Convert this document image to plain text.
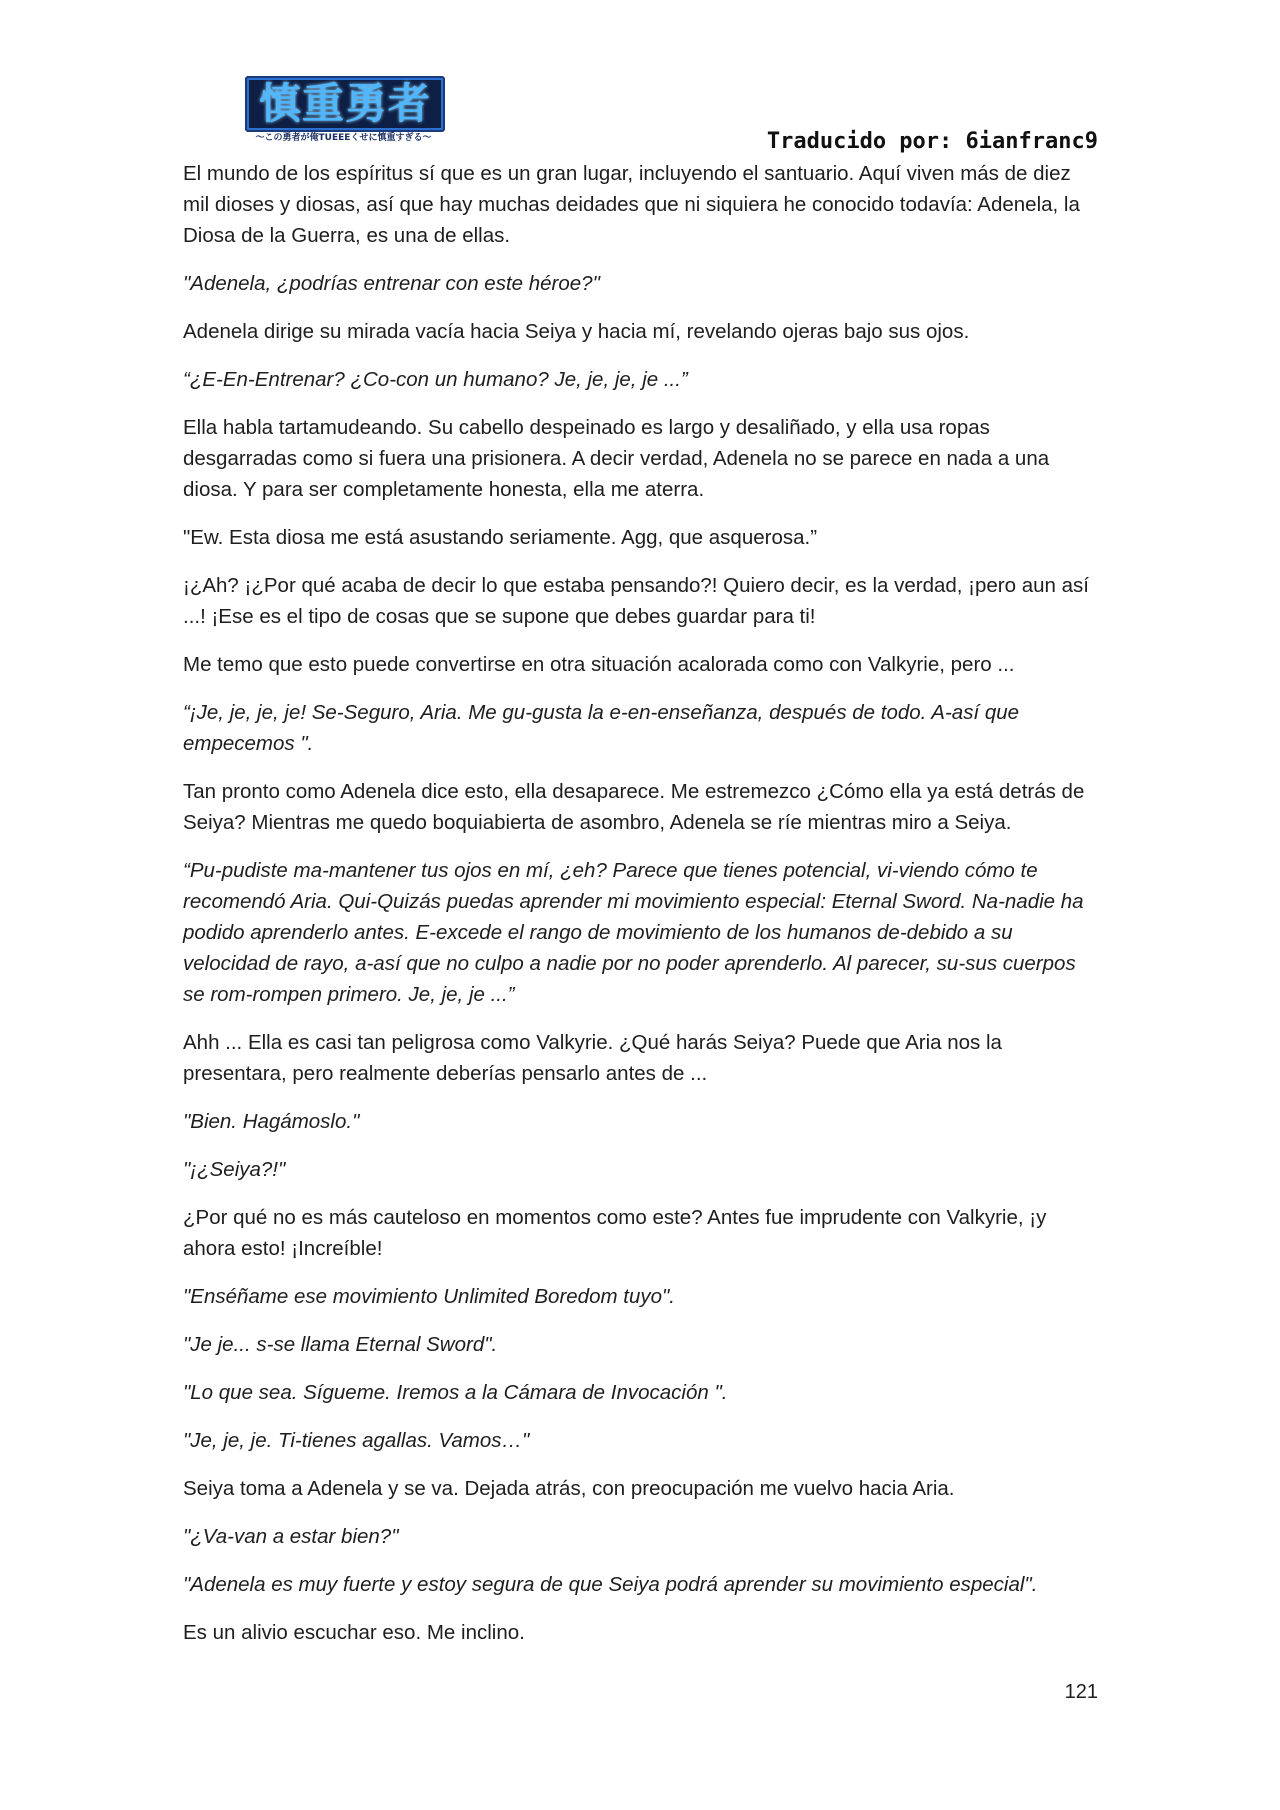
慎重勇者
〜この勇者が俺TUEEEくせに慎重すぎる〜	Traducido por: 6ianfranc9

El mundo de los espíritus sí que es un gran lugar, incluyendo el santuario. Aquí viven más de diez mil dioses y diosas, así que hay muchas deidades que ni siquiera he conocido todavía: Adenela, la Diosa de la Guerra, es una de ellas.

"Adenela, ¿podrías entrenar con este héroe?"

Adenela dirige su mirada vacía hacia Seiya y hacia mí, revelando ojeras bajo sus ojos.

“¿E-En-Entrenar? ¿Co-con un humano? Je, je, je, je ...”

Ella habla tartamudeando. Su cabello despeinado es largo y desaliñado, y ella usa ropas desgarradas como si fuera una prisionera. A decir verdad, Adenela no se parece en nada a una diosa. Y para ser completamente honesta, ella me aterra.

"Ew. Esta diosa me está asustando seriamente. Agg, que asquerosa.”

¡¿Ah? ¡¿Por qué acaba de decir lo que estaba pensando?! Quiero decir, es la verdad, ¡pero aun así ...! ¡Ese es el tipo de cosas que se supone que debes guardar para ti!

Me temo que esto puede convertirse en otra situación acalorada como con Valkyrie, pero ...

“¡Je, je, je, je! Se-Seguro, Aria. Me gu-gusta la e-en-enseñanza, después de todo. A-así que empecemos ".

Tan pronto como Adenela dice esto, ella desaparece. Me estremezco ¿Cómo ella ya está detrás de Seiya? Mientras me quedo boquiabierta de asombro, Adenela se ríe mientras miro a Seiya.

“Pu-pudiste ma-mantener tus ojos en mí, ¿eh? Parece que tienes potencial, vi-viendo cómo te recomendó Aria. Qui-Quizás puedas aprender mi movimiento especial: Eternal Sword. Na-nadie ha podido aprenderlo antes. E-excede el rango de movimiento de los humanos de-debido a su velocidad de rayo, a-así que no culpo a nadie por no poder aprenderlo. Al parecer, su-sus cuerpos se rom-rompen primero. Je, je, je ...”

Ahh ... Ella es casi tan peligrosa como Valkyrie. ¿Qué harás Seiya? Puede que Aria nos la presentara, pero realmente deberías pensarlo antes de ...

"Bien. Hagámoslo."

"¡¿Seiya?!"

¿Por qué no es más cauteloso en momentos como este? Antes fue imprudente con Valkyrie, ¡y ahora esto! ¡Increíble!

"Enséñame ese movimiento Unlimited Boredom tuyo".

"Je je... s-se llama Eternal Sword".

"Lo que sea. Sígueme. Iremos a la Cámara de Invocación ".

"Je, je, je. Ti-tienes agallas. Vamos…"

Seiya toma a Adenela y se va. Dejada atrás, con preocupación me vuelvo hacia Aria.

"¿Va-van a estar bien?"

"Adenela es muy fuerte y estoy segura de que Seiya podrá aprender su movimiento especial".

Es un alivio escuchar eso. Me inclino.

121
